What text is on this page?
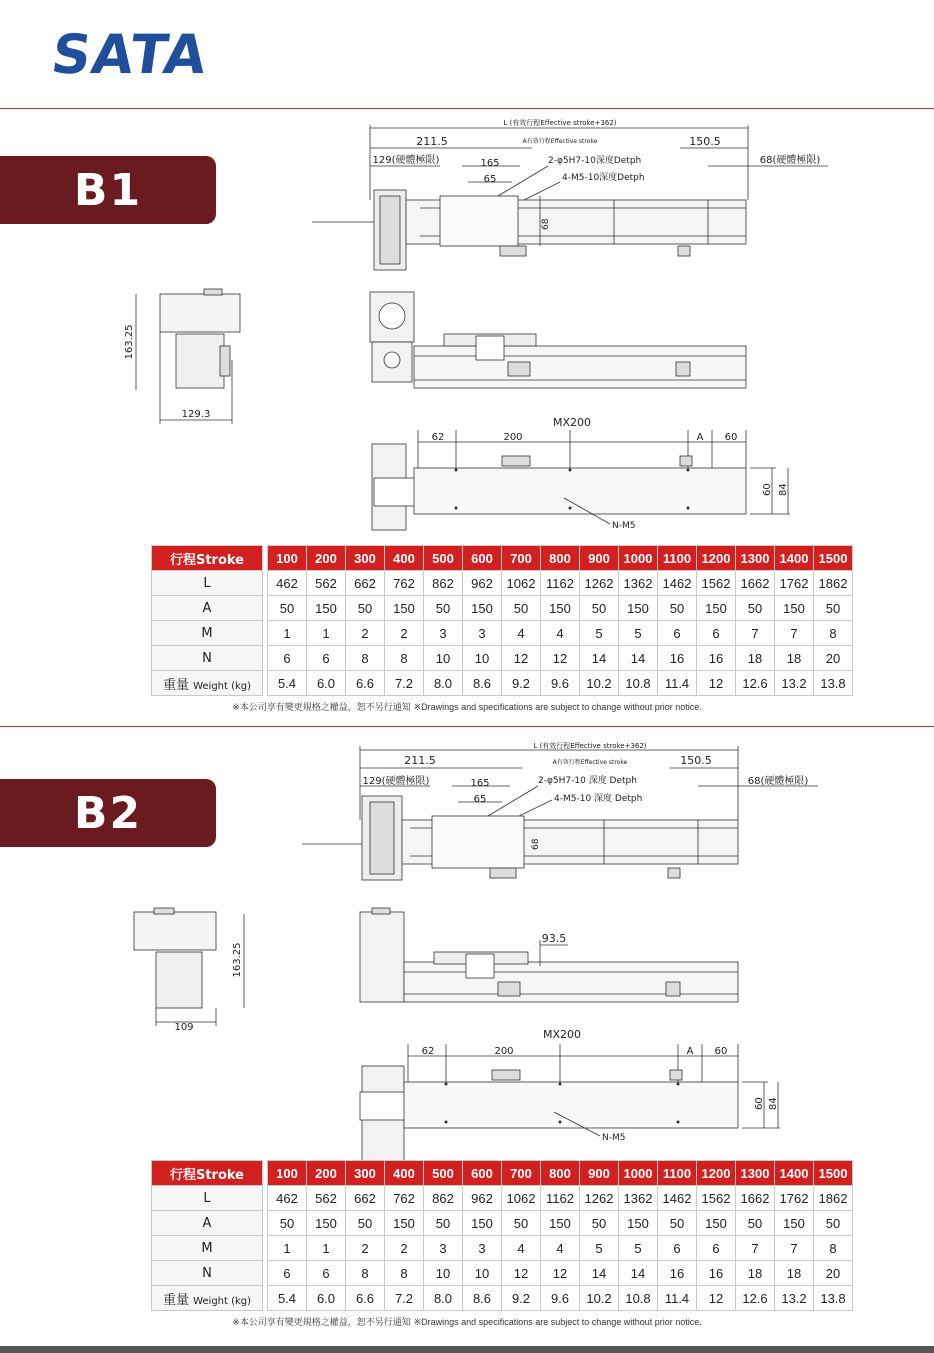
SATA
B1
B2
L (有效行程Effective stroke+362)
A有效行程Effective stroke
211.5	150.5
129(硬體極限)	68(硬體極限)
165
65
2-φ5H7-10深度Detph
4-M5-10深度Detph
68
163.25
129.3
MX200
62	200	A 60
60 84
N-M5
行程Stroke		100	200	300	400	500	600	700	800	900	1000	1100	1200	1300	1400	1500
L		462	562	662	762	862	962	1062	1162	1262	1362	1462	1562	1662	1762	1862
A		50	150	50	150	50	150	50	150	50	150	50	150	50	150	50
M		1	1	2	2	3	3	4	4	5	5	6	6	7	7	8
N		6	6	8	8	10	10	12	12	14	14	16	16	18	18	20
重量 Weight (kg)		5.4	6.0	6.6	7.2	8.0	8.6	9.2	9.6	10.2	10.8	11.4	12	12.6	13.2	13.8
※本公司享有變更規格之權益，恕不另行通知 ※Drawings and specifications are subject to change without prior notice.
L (有效行程Effective stroke+362)
A有效行程Effective stroke
211.5	150.5
129(硬體極限)	68(硬體極限)
165
65
2-φ5H7-10 深度 Detph
4-M5-10 深度 Detph
68
163.25
109
93.5
MX200
62	200	A 60
60 84
N-M5
行程Stroke		100	200	300	400	500	600	700	800	900	1000	1100	1200	1300	1400	1500
L		462	562	662	762	862	962	1062	1162	1262	1362	1462	1562	1662	1762	1862
A		50	150	50	150	50	150	50	150	50	150	50	150	50	150	50
M		1	1	2	2	3	3	4	4	5	5	6	6	7	7	8
N		6	6	8	8	10	10	12	12	14	14	16	16	18	18	20
重量 Weight (kg)		5.4	6.0	6.6	7.2	8.0	8.6	9.2	9.6	10.2	10.8	11.4	12	12.6	13.2	13.8
※本公司享有變更規格之權益，恕不另行通知 ※Drawings and specifications are subject to change without prior notice.
